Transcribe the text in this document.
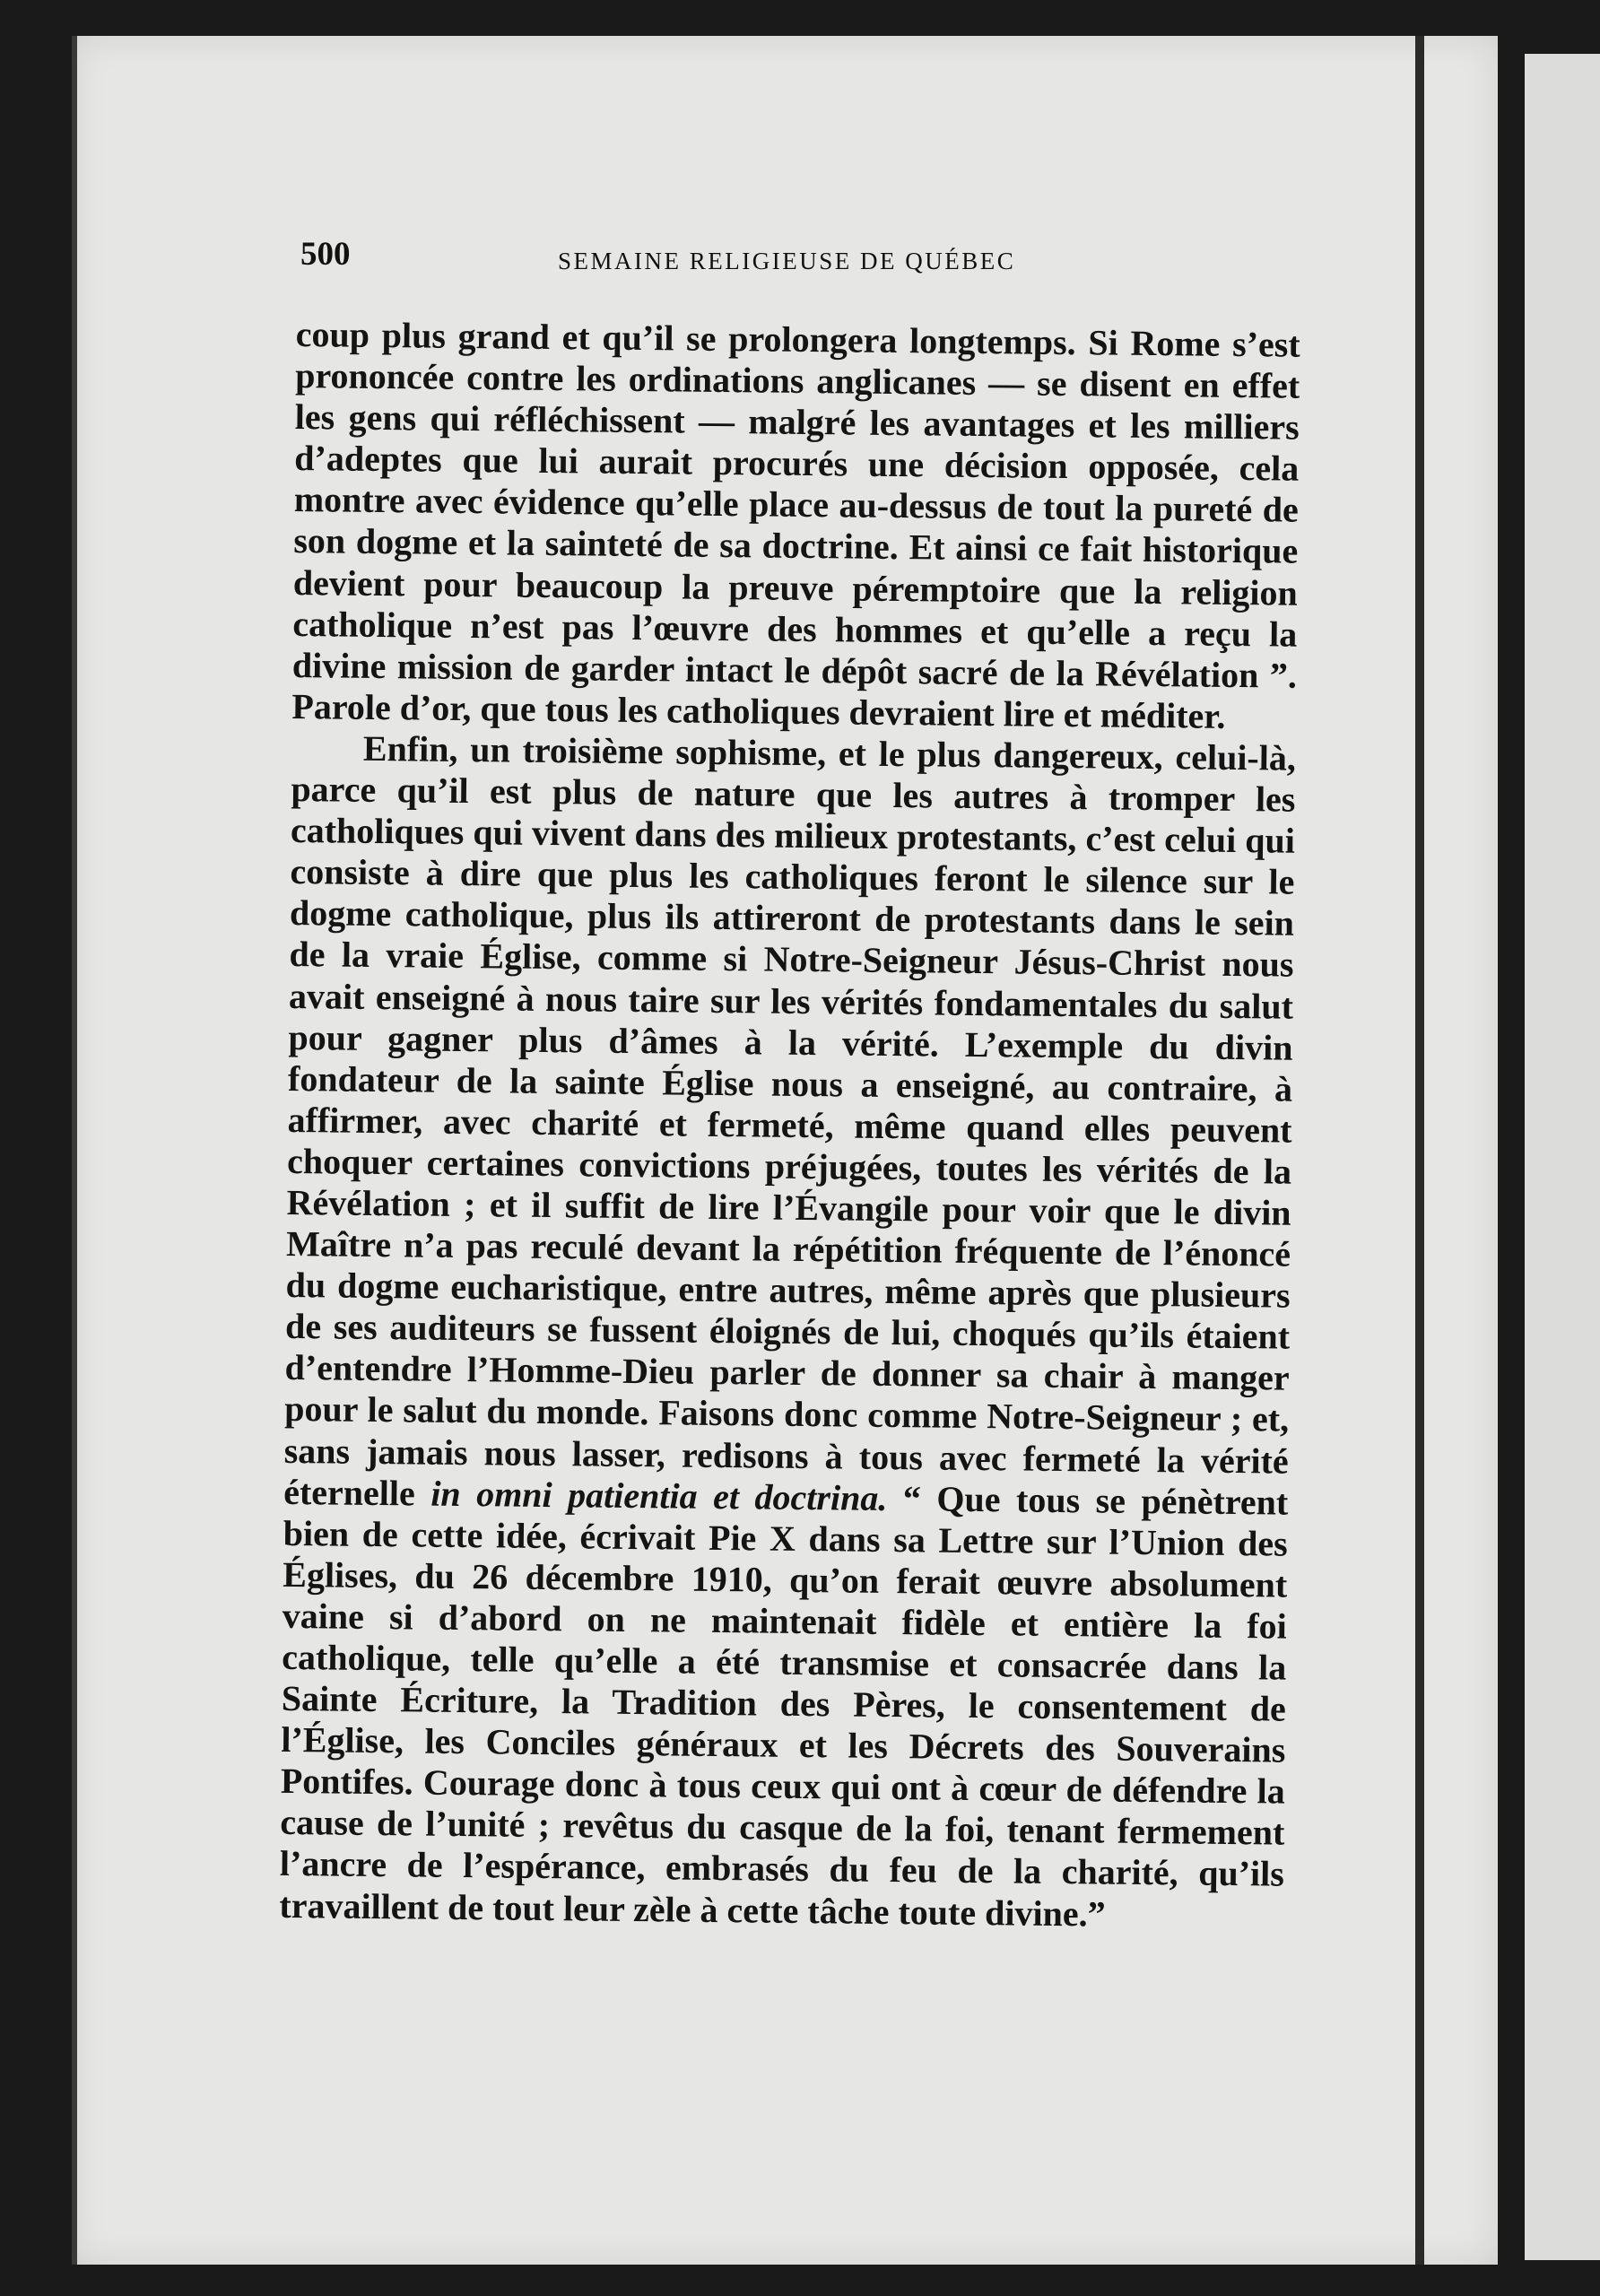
500	SEMAINE RELIGIEUSE DE QUÉBEC

coup plus grand et qu’il se prolongera longtemps. Si Rome s’est prononcée contre les ordinations anglicanes — se disent en effet les gens qui réfléchissent — malgré les avantages et les milliers d’adeptes que lui aurait procurés une décision opposée, cela montre avec évidence qu’elle place au-dessus de tout la pureté de son dogme et la sainteté de sa doctrine. Et ainsi ce fait historique devient pour beaucoup la preuve péremptoire que la religion catholique n’est pas l’œuvre des hommes et qu’elle a reçu la divine mission de garder intact le dépôt sacré de la Révélation ”. Parole d’or, que tous les catholiques devraient lire et méditer.

Enfin, un troisième sophisme, et le plus dangereux, celui-là, parce qu’il est plus de nature que les autres à tromper les catholiques qui vivent dans des milieux protestants, c’est celui qui consiste à dire que plus les catholiques feront le silence sur le dogme catholique, plus ils attireront de protestants dans le sein de la vraie Église, comme si Notre-Seigneur Jésus-Christ nous avait enseigné à nous taire sur les vérités fondamentales du salut pour gagner plus d’âmes à la vérité. L’exemple du divin fondateur de la sainte Église nous a enseigné, au contraire, à affirmer, avec charité et fermeté, même quand elles peuvent choquer certaines convictions préjugées, toutes les vérités de la Révélation ; et il suffit de lire l’Évangile pour voir que le divin Maître n’a pas reculé devant la répétition fréquente de l’énoncé du dogme eucharistique, entre autres, même après que plusieurs de ses auditeurs se fussent éloignés de lui, choqués qu’ils étaient d’entendre l’Homme-Dieu parler de donner sa chair à manger pour le salut du monde. Faisons donc comme Notre-Seigneur ; et, sans jamais nous lasser, redisons à tous avec fermeté la vérité éternelle in omni patientia et doctrina. “ Que tous se pénètrent bien de cette idée, écrivait Pie X dans sa Lettre sur l’Union des Églises, du 26 décembre 1910, qu’on ferait œuvre absolument vaine si d’abord on ne maintenait fidèle et entière la foi catholique, telle qu’elle a été transmise et consacrée dans la Sainte Écriture, la Tradition des Pères, le consentement de l’Église, les Conciles généraux et les Décrets des Souverains Pontifes. Courage donc à tous ceux qui ont à cœur de défendre la cause de l’unité ; revêtus du casque de la foi, tenant fermement l’ancre de l’espérance, embrasés du feu de la charité, qu’ils travaillent de tout leur zèle à cette tâche toute divine.”
